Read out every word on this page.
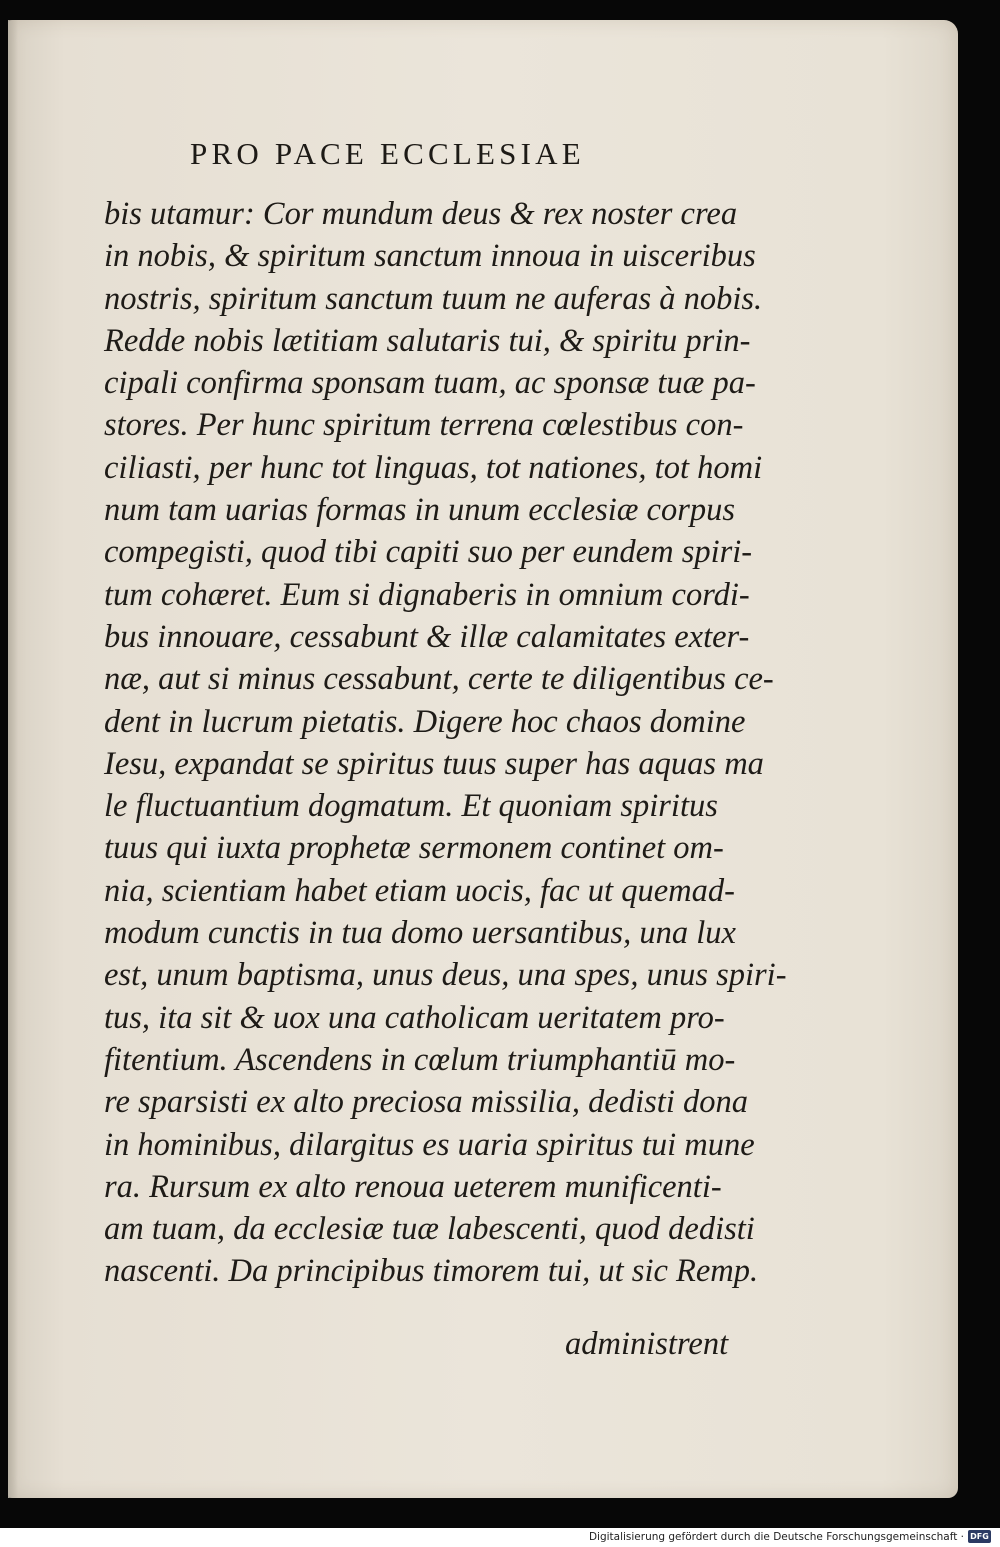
PRO PACE ECCLESIAE
bis utamur: Cor mundum deus & rex noster crea
in nobis, & spiritum sanctum innoua in uisceribus
nostris, spiritum sanctum tuum ne auferas à nobis.
Redde nobis lætitiam salutaris tui, & spiritu prin-
cipali confirma sponsam tuam, ac sponsæ tuæ pa-
stores. Per hunc spiritum terrena cœlestibus con-
ciliasti, per hunc tot linguas, tot nationes, tot homi
num tam uarias formas in unum ecclesiæ corpus
compegisti, quod tibi capiti suo per eundem spiri-
tum cohæret. Eum si dignaberis in omnium cordi-
bus innouare, cessabunt & illæ calamitates exter-
næ, aut si minus cessabunt, certe te diligentibus ce-
dent in lucrum pietatis. Digere hoc chaos domine
Iesu, expandat se spiritus tuus super has aquas ma
le fluctuantium dogmatum. Et quoniam spiritus
tuus qui iuxta prophetæ sermonem continet om-
nia, scientiam habet etiam uocis, fac ut quemad-
modum cunctis in tua domo uersantibus, una lux
est, unum baptisma, unus deus, una spes, unus spiri-
tus, ita sit & uox una catholicam ueritatem pro-
fitentium. Ascendens in cœlum triumphantiū mo-
re sparsisti ex alto preciosa missilia, dedisti dona
in hominibus, dilargitus es uaria spiritus tui mune
ra. Rursum ex alto renoua ueterem munificenti-
am tuam, da ecclesiæ tuæ labescenti, quod dedisti
nascenti. Da principibus timorem tui, ut sic Remp.
administrent
Digitalisierung gefördert durch die Deutsche Forschungsgemeinschaft · DFG
